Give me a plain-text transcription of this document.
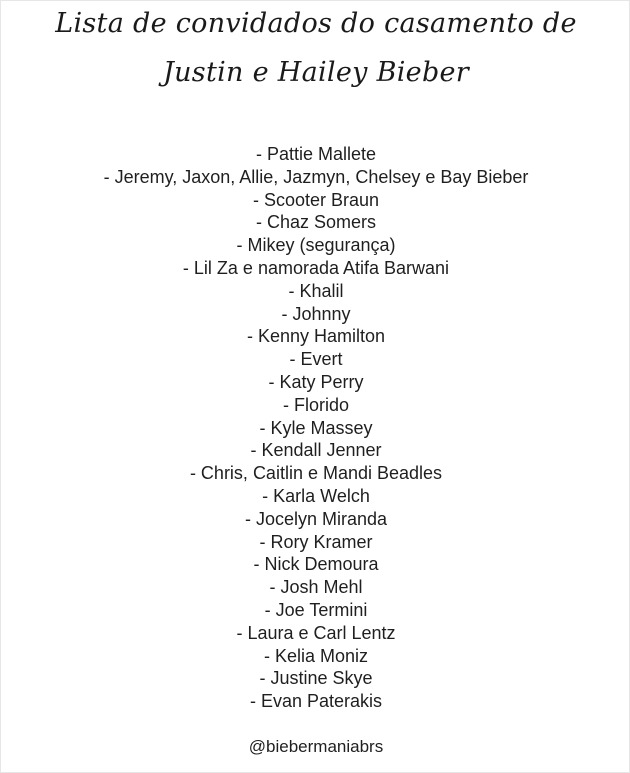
Lista de convidados do casamento de
Justin e Hailey Bieber
- Pattie Mallete
- Jeremy, Jaxon, Allie, Jazmyn, Chelsey e Bay Bieber
- Scooter Braun
- Chaz Somers
- Mikey (segurança)
- Lil Za e namorada Atifa Barwani
- Khalil
- Johnny
- Kenny Hamilton
- Evert
- Katy Perry
- Florido
- Kyle Massey
- Kendall Jenner
- Chris, Caitlin e Mandi Beadles
- Karla Welch
- Jocelyn Miranda
- Rory Kramer
- Nick Demoura
- Josh Mehl
- Joe Termini
- Laura e Carl Lentz
- Kelia Moniz
- Justine Skye
- Evan Paterakis
@biebermaniabrs
